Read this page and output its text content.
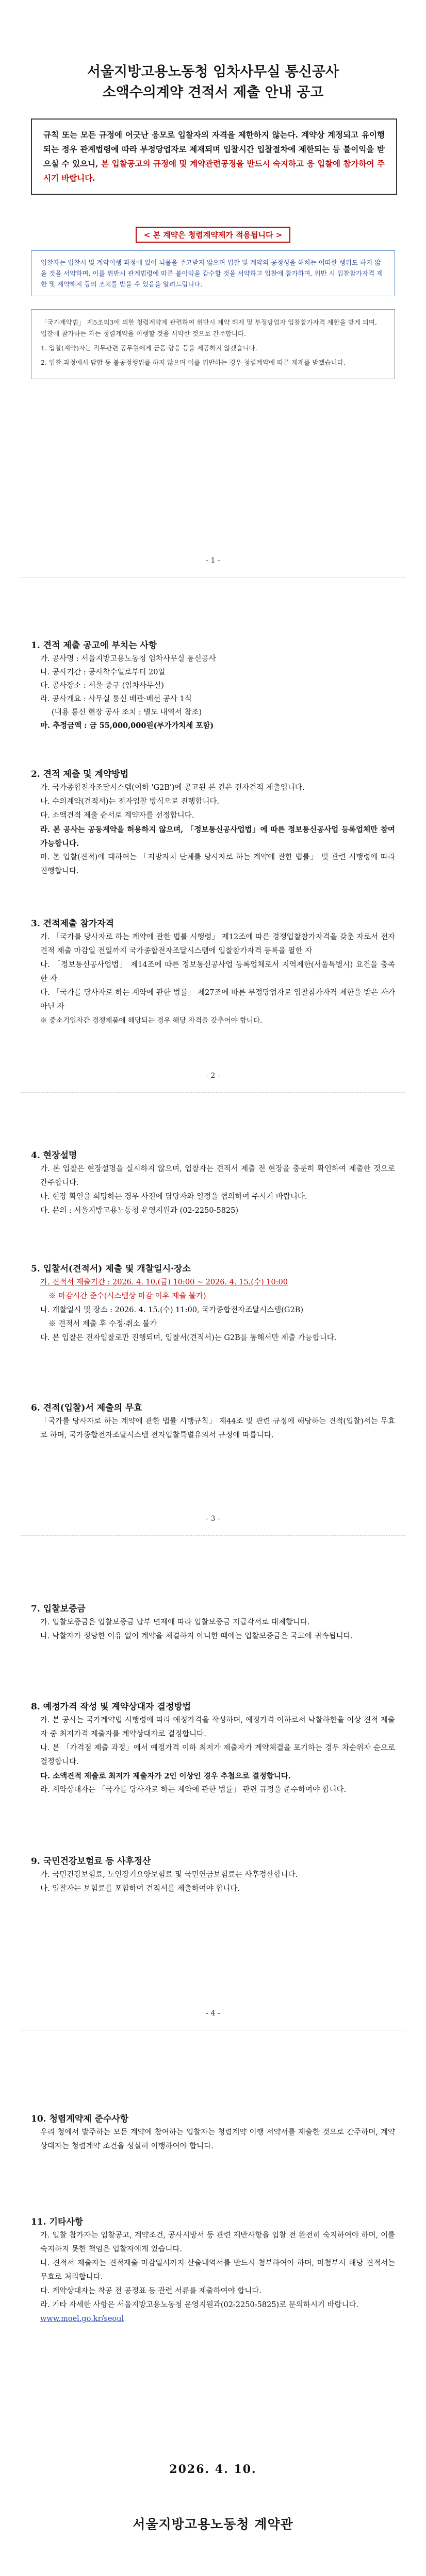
서울지방고용노동청 임차사무실 통신공사
소액수의계약 견적서 제출 안내 공고
규칙 또는 모든 규정에 어긋난 응모로 입찰자의 자격을 제한하지 않는다. 계약상 계정되고 유이행되는 정우 관계법령에 따라 부정당업자로 제재되며 입찰시간 입찰절차에 제한되는 등 불이익을 받으실 수 있으니, 본 입찰공고의 규정에 및 계약관련공정을 반드시 숙지하고 응 입찰에 참가하여 주시기 바랍니다.
< 본 계약은 청렴계약제가 적용됩니다 >
입찰자는 입찰시 및 계약이행 과정에 있어 뇌물을 주고받지 않으며 입찰 및 계약의 공정성을 해치는 어떠한 행위도 하지 않을 것을 서약하며, 이를 위반시 관계법령에 따른 불이익을 감수할 것을 서약하고 입찰에 참가하며, 위반 시 입찰참가자격 제한 및 계약해지 등의 조치를 받을 수 있음을 알려드립니다.

「국가계약법」 제5조의3에 의한 청렴계약제 관련하여 위반시 계약 해제 및 부정당업자 입찰참가자격 제한을 받게 되며, 입찰에 참가하는 자는 청렴계약을 이행할 것을 서약한 것으로 간주합니다.

1. 입찰(계약)자는 직무관련 공무원에게 금품·향응 등을 제공하지 않겠습니다.

2. 입찰 과정에서 담합 등 불공정행위를 하지 않으며 이를 위반하는 경우 청렴계약에 따른 제재를 받겠습니다.

- 1 -
1. 견적 제출 공고에 부치는 사항
가. 공사명 : 서울지방고용노동청 임차사무실 통신공사
나. 공사기간 : 공사착수일로부터 20일
다. 공사장소 : 서울 중구 (임차사무실)
라. 공사개요 : 사무실 통신 배관·배선 공사 1식
(내용 통신 현장 공사 조치 : 별도 내역서 참조)
마. 추정금액 : 금 55,000,000원(부가가치세 포함)
2. 견적 제출 및 계약방법
가. 국가종합전자조달시스템(이하 'G2B')에 공고된 본 건은 전자견적 제출입니다.
나. 수의계약(견적서)는 전자입찰 방식으로 진행합니다.
다. 소액견적 제출 순서로 계약자를 선정합니다.
라. 본 공사는 공동계약을 허용하지 않으며, 「정보통신공사업법」에 따른 정보통신공사업 등록업체만 참여 가능합니다.
마. 본 입찰(견적)에 대하여는 「지방자치 단체를 당사자로 하는 계약에 관한 법률」 및 관련 시행령에 따라 진행합니다.
3. 견적제출 참가자격
가. 「국가를 당사자로 하는 계약에 관한 법률 시행령」 제12조에 따른 경쟁입찰참가자격을 갖춘 자로서 전자견적 제출 마감일 전일까지 국가종합전자조달시스템에 입찰참가자격 등록을 필한 자
나. 「정보통신공사업법」 제14조에 따른 정보통신공사업 등록업체로서 지역제한(서울특별시) 요건을 충족한 자
다. 「국가를 당사자로 하는 계약에 관한 법률」 제27조에 따른 부정당업자로 입찰참가자격 제한을 받은 자가 아닌 자
※ 중소기업자간 경쟁제품에 해당되는 경우 해당 자격을 갖추어야 합니다.
- 2 -
4. 현장설명
가. 본 입찰은 현장설명을 실시하지 않으며, 입찰자는 견적서 제출 전 현장을 충분히 확인하여 제출한 것으로 간주합니다.
나. 현장 확인을 희망하는 경우 사전에 담당자와 일정을 협의하여 주시기 바랍니다.
다. 문의 : 서울지방고용노동청 운영지원과 (02-2250-5825)
5. 입찰서(견적서) 제출 및 개찰일시·장소
가. 견적서 제출기간 : 2026. 4. 10.(금) 10:00 ~ 2026. 4. 15.(수) 10:00
※ 마감시간 준수(시스템상 마감 이후 제출 불가)
나. 개찰일시 및 장소 : 2026. 4. 15.(수) 11:00, 국가종합전자조달시스템(G2B)
※ 견적서 제출 후 수정·취소 불가
다. 본 입찰은 전자입찰로만 진행되며, 입찰서(견적서)는 G2B를 통해서만 제출 가능합니다.
6. 견적(입찰)서 제출의 무효
「국가를 당사자로 하는 계약에 관한 법률 시행규칙」 제44조 및 관련 규정에 해당하는 견적(입찰)서는 무효로 하며, 국가종합전자조달시스템 전자입찰특별유의서 규정에 따릅니다.
- 3 -
7. 입찰보증금
가. 입찰보증금은 입찰보증금 납부 면제에 따라 입찰보증금 지급각서로 대체합니다.
나. 낙찰자가 정당한 이유 없이 계약을 체결하지 아니한 때에는 입찰보증금은 국고에 귀속됩니다.
8. 예정가격 작성 및 계약상대자 결정방법
가. 본 공사는 국가계약법 시행령에 따라 예정가격을 작성하며, 예정가격 이하로서 낙찰하한율 이상 견적 제출자 중 최저가격 제출자를 계약상대자로 결정합니다.
나. 본 「가격점 제출 과정」에서 예정가격 이하 최저가 제출자가 계약체결을 포기하는 경우 차순위자 순으로 결정합니다.
다. 소액견적 제출로 최저가 제출자가 2인 이상인 경우 추첨으로 결정합니다.
라. 계약상대자는 「국가를 당사자로 하는 계약에 관한 법률」 관련 규정을 준수하여야 합니다.
9. 국민건강보험료 등 사후정산
가. 국민건강보험료, 노인장기요양보험료 및 국민연금보험료는 사후정산합니다.
나. 입찰자는 보험료를 포함하여 견적서를 제출하여야 합니다.
- 4 -
10. 청렴계약제 준수사항
우리 청에서 발주하는 모든 계약에 참여하는 입찰자는 청렴계약 이행 서약서를 제출한 것으로 간주하며, 계약상대자는 청렴계약 조건을 성실히 이행하여야 합니다.
11. 기타사항
가. 입찰 참가자는 입찰공고, 계약조건, 공사시방서 등 관련 제반사항을 입찰 전 완전히 숙지하여야 하며, 이를 숙지하지 못한 책임은 입찰자에게 있습니다.
나. 견적서 제출자는 견적제출 마감일시까지 산출내역서를 반드시 첨부하여야 하며, 미첨부시 해당 견적서는 무효로 처리합니다.
다. 계약상대자는 착공 전 공정표 등 관련 서류를 제출하여야 합니다.
라. 기타 자세한 사항은 서울지방고용노동청 운영지원과(02-2250-5825)로 문의하시기 바랍니다.
www.moel.go.kr/seoul
2026. 4. 10.
서울지방고용노동청 계약관
